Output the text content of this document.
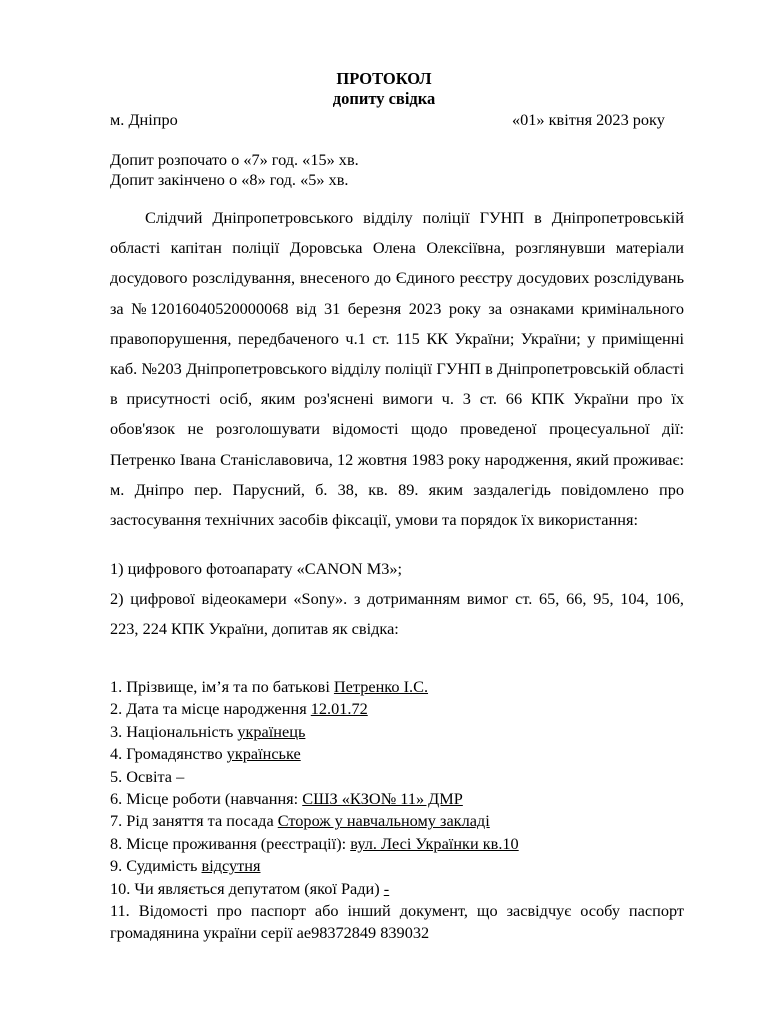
ПРОТОКОЛ
допиту свідка
м. Дніпро	«01» квітня 2023 року
Допит розпочато о «7» год. «15» хв.
Допит закінчено о «8» год. «5» хв.

Слідчий Дніпропетровського відділу поліції ГУНП в Дніпропетровській області капітан поліції Доровська Олена Олексіївна, розглянувши матеріали досудового розслідування, внесеного до Єдиного реєстру досудових розслідувань за №12016040520000068 від 31 березня 2023 року за ознаками кримінального правопорушення, передбаченого ч.1 ст. 115 КК України; України; у приміщенні каб. №203 Дніпропетровського відділу поліції ГУНП в Дніпропетровській області в присутності осіб, яким роз'яснені вимоги ч. 3 ст. 66 КПК України про їх обов'язок не розголошувати відомості щодо проведеної процесуальної дії: Петренко Івана Станіславовича, 12 жовтня 1983 року народження, який проживає: м. Дніпро пер. Парусний, б. 38, кв. 89. яким заздалегідь повідомлено про застосування технічних засобів фіксації, умови та порядок їх використання:

1) цифрового фотоапарату «CANON M3»;
2) цифрової відеокамери «Sony». з дотриманням вимог ст. 65, 66, 95, 104, 106, 223, 224 КПК України, допитав як свідка:
1. Прізвище, ім’я та по батькові Петренко І.С.
2. Дата та місце народження 12.01.72
3. Національність українець
4. Громадянство українське
5. Освіта –
6. Місце роботи (навчання: СШЗ «КЗО№ 11» ДМР
7. Рід заняття та посада Сторож у навчальному закладі
8. Місце проживання (реєстрації): вул. Лесі Українки кв.10
9. Судимість відсутня
10. Чи являється депутатом (якої Ради) -
11. Відомості про паспорт або інший документ, що засвідчує особу паспорт громадянина україни серії ае98372849 839032
